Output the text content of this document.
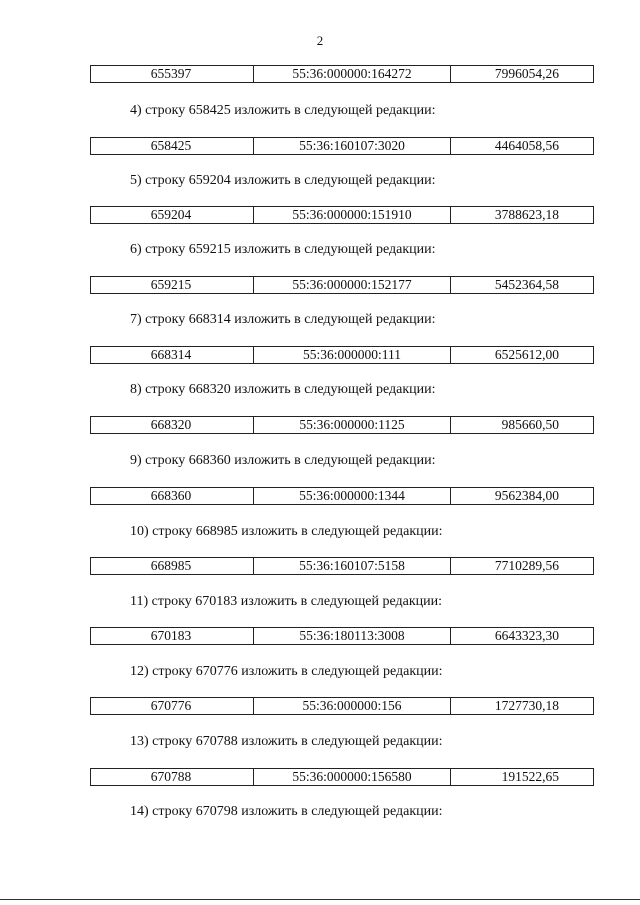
2
655397	55:36:000000:164272	7996054,26
4) строку 658425 изложить в следующей редакции:
658425	55:36:160107:3020	4464058,56
5) строку 659204 изложить в следующей редакции:
659204	55:36:000000:151910	3788623,18
6) строку 659215 изложить в следующей редакции:
659215	55:36:000000:152177	5452364,58
7) строку 668314 изложить в следующей редакции:
668314	55:36:000000:111	6525612,00
8) строку 668320 изложить в следующей редакции:
668320	55:36:000000:1125	985660,50
9) строку 668360 изложить в следующей редакции:
668360	55:36:000000:1344	9562384,00
10) строку 668985 изложить в следующей редакции:
668985	55:36:160107:5158	7710289,56
11) строку 670183 изложить в следующей редакции:
670183	55:36:180113:3008	6643323,30
12) строку 670776 изложить в следующей редакции:
670776	55:36:000000:156	1727730,18
13) строку 670788 изложить в следующей редакции:
670788	55:36:000000:156580	191522,65
14) строку 670798 изложить в следующей редакции:
